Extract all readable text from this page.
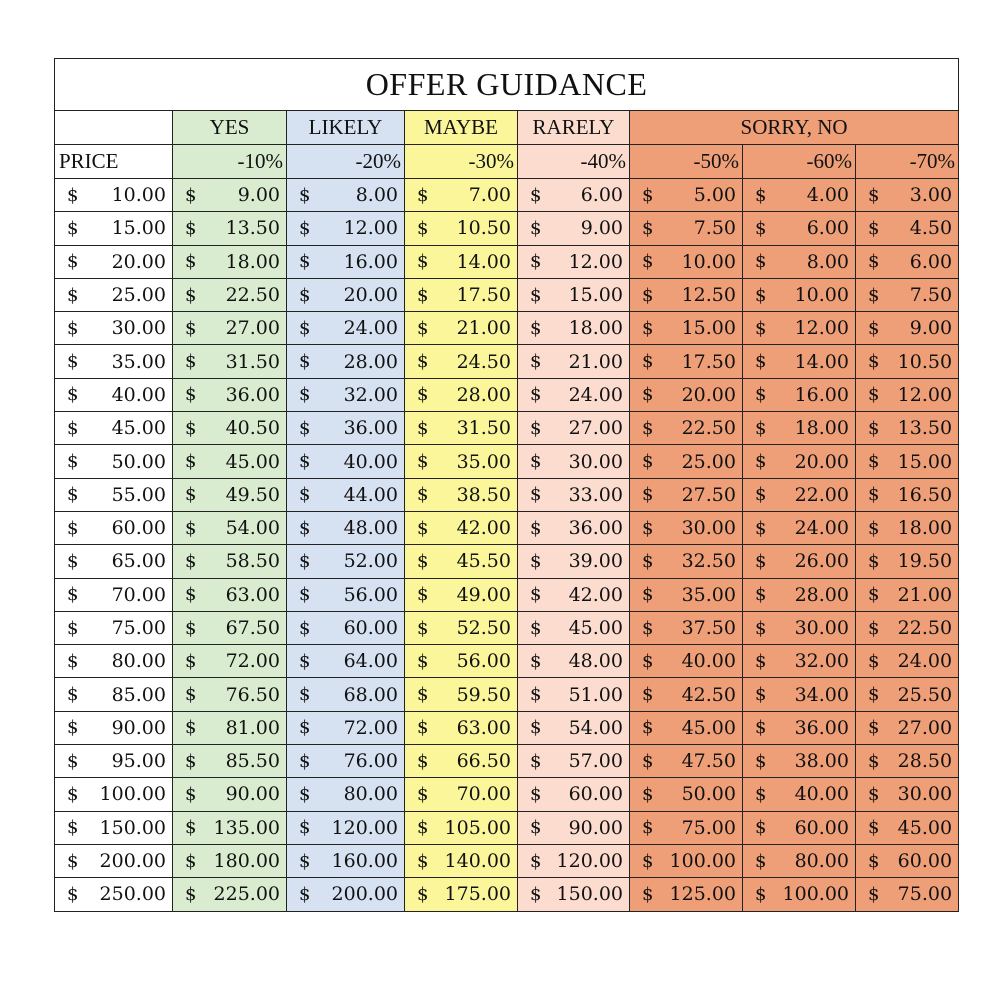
OFFER GUIDANCE							
	YES	LIKELY	MAYBE	RARELY	SORRY, NO		
PRICE	-10%	-20%	-30%	-40%	-50%	-60%	-70%

$ 10.00	$ 9.00	$ 8.00	$ 7.00	$ 6.00	$ 5.00	$ 4.00	$ 3.00

$ 15.00	$ 13.50	$ 12.00	$ 10.50	$ 9.00	$ 7.50	$ 6.00	$ 4.50

$ 20.00	$ 18.00	$ 16.00	$ 14.00	$ 12.00	$ 10.00	$ 8.00	$ 6.00

$ 25.00	$ 22.50	$ 20.00	$ 17.50	$ 15.00	$ 12.50	$ 10.00	$ 7.50

$ 30.00	$ 27.00	$ 24.00	$ 21.00	$ 18.00	$ 15.00	$ 12.00	$ 9.00

$ 35.00	$ 31.50	$ 28.00	$ 24.50	$ 21.00	$ 17.50	$ 14.00	$ 10.50

$ 40.00	$ 36.00	$ 32.00	$ 28.00	$ 24.00	$ 20.00	$ 16.00	$ 12.00

$ 45.00	$ 40.50	$ 36.00	$ 31.50	$ 27.00	$ 22.50	$ 18.00	$ 13.50

$ 50.00	$ 45.00	$ 40.00	$ 35.00	$ 30.00	$ 25.00	$ 20.00	$ 15.00

$ 55.00	$ 49.50	$ 44.00	$ 38.50	$ 33.00	$ 27.50	$ 22.00	$ 16.50

$ 60.00	$ 54.00	$ 48.00	$ 42.00	$ 36.00	$ 30.00	$ 24.00	$ 18.00

$ 65.00	$ 58.50	$ 52.00	$ 45.50	$ 39.00	$ 32.50	$ 26.00	$ 19.50

$ 70.00	$ 63.00	$ 56.00	$ 49.00	$ 42.00	$ 35.00	$ 28.00	$ 21.00

$ 75.00	$ 67.50	$ 60.00	$ 52.50	$ 45.00	$ 37.50	$ 30.00	$ 22.50

$ 80.00	$ 72.00	$ 64.00	$ 56.00	$ 48.00	$ 40.00	$ 32.00	$ 24.00

$ 85.00	$ 76.50	$ 68.00	$ 59.50	$ 51.00	$ 42.50	$ 34.00	$ 25.50

$ 90.00	$ 81.00	$ 72.00	$ 63.00	$ 54.00	$ 45.00	$ 36.00	$ 27.00

$ 95.00	$ 85.50	$ 76.00	$ 66.50	$ 57.00	$ 47.50	$ 38.00	$ 28.50

$ 100.00	$ 90.00	$ 80.00	$ 70.00	$ 60.00	$ 50.00	$ 40.00	$ 30.00

$ 150.00	$ 135.00	$ 120.00	$ 105.00	$ 90.00	$ 75.00	$ 60.00	$ 45.00

$ 200.00	$ 180.00	$ 160.00	$ 140.00	$ 120.00	$ 100.00	$ 80.00	$ 60.00

$ 250.00	$ 225.00	$ 200.00	$ 175.00	$ 150.00	$ 125.00	$ 100.00	$ 75.00
